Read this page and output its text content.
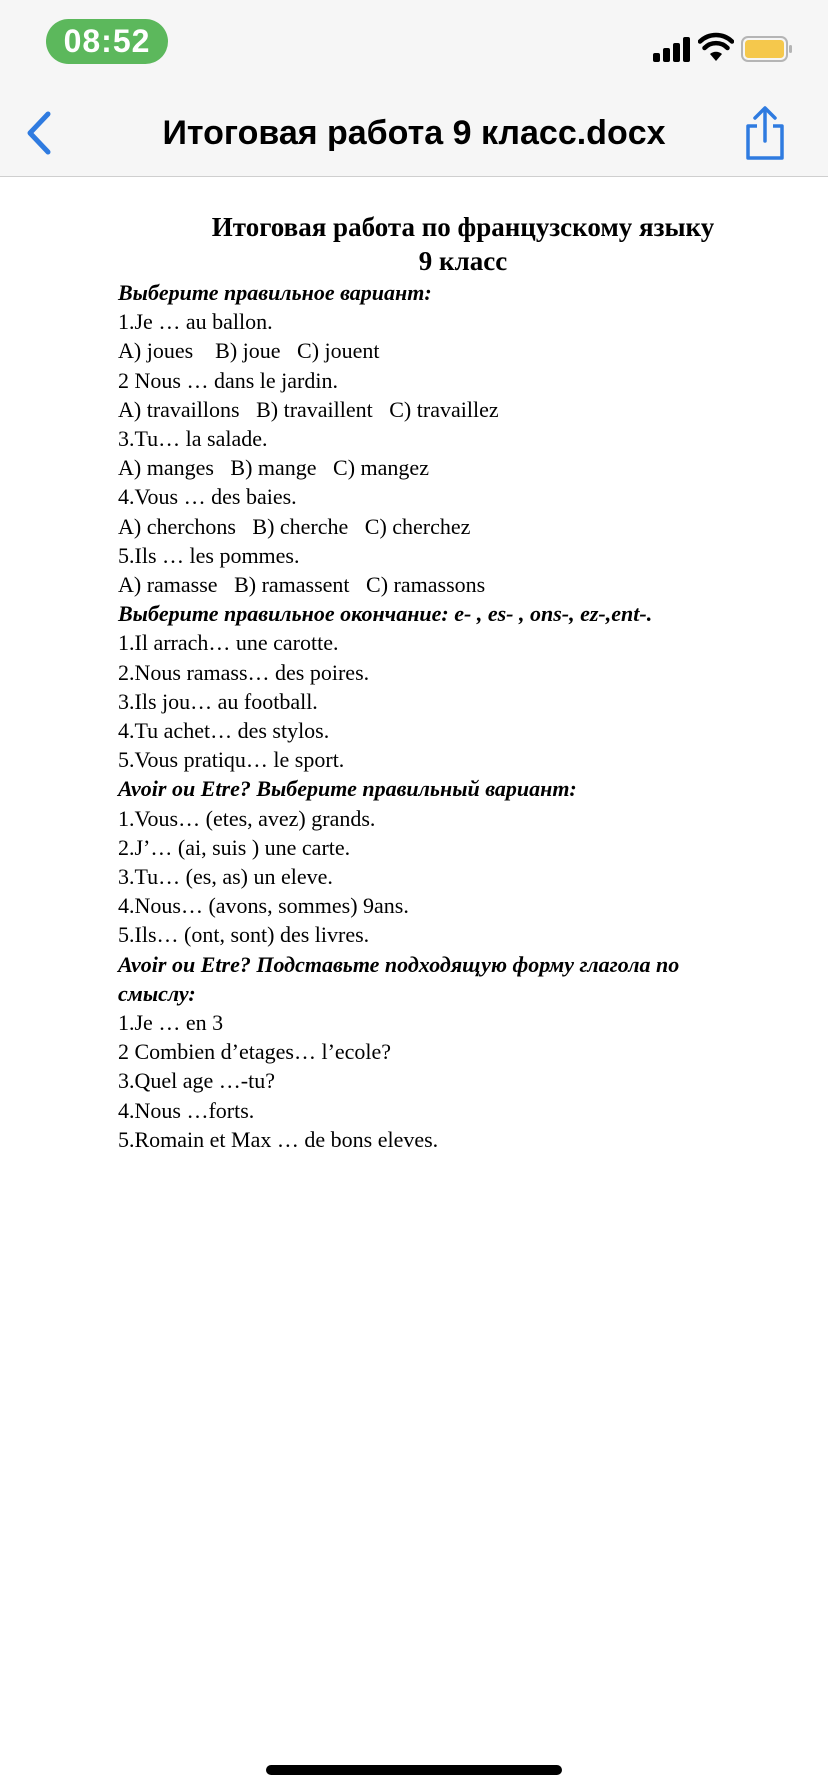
08:52
Итоговая работа 9 класс.docx
Итоговая работа по французскому языку
9 класс
Выберите правильное вариант:
1.Je … au ballon.
A) joues    B) joue   C) jouent
2 Nous … dans le jardin.
A) travaillons   B) travaillent   C) travaillez
3.Tu… la salade.
A) manges   B) mange   C) mangez
4.Vous … des baies.
A) cherchons   B) cherche   C) cherchez
5.Ils … les pommes.
A) ramasse   B) ramassent   C) ramassons
Выберите правильное окончание: e- , es- , ons-, ez-,ent-.
1.Il arrach… une carotte.
2.Nous ramass… des poires.
3.Ils jou… au football.
4.Tu achet… des stylos.
5.Vous pratiqu… le sport.
Avoir ou Etre? Выберите правильный вариант:
1.Vous… (etes, avez) grands.
2.J’… (ai, suis ) une carte.
3.Tu… (es, as) un eleve.
4.Nous… (avons, sommes) 9ans.
5.Ils… (ont, sont) des livres.
Avoir ou Etre? Подставьте подходящую форму глагола по
смыслу:
1.Je … en 3
2 Combien d’etages… l’ecole?
3.Quel age …-tu?
4.Nous …forts.
5.Romain et Max … de bons eleves.
